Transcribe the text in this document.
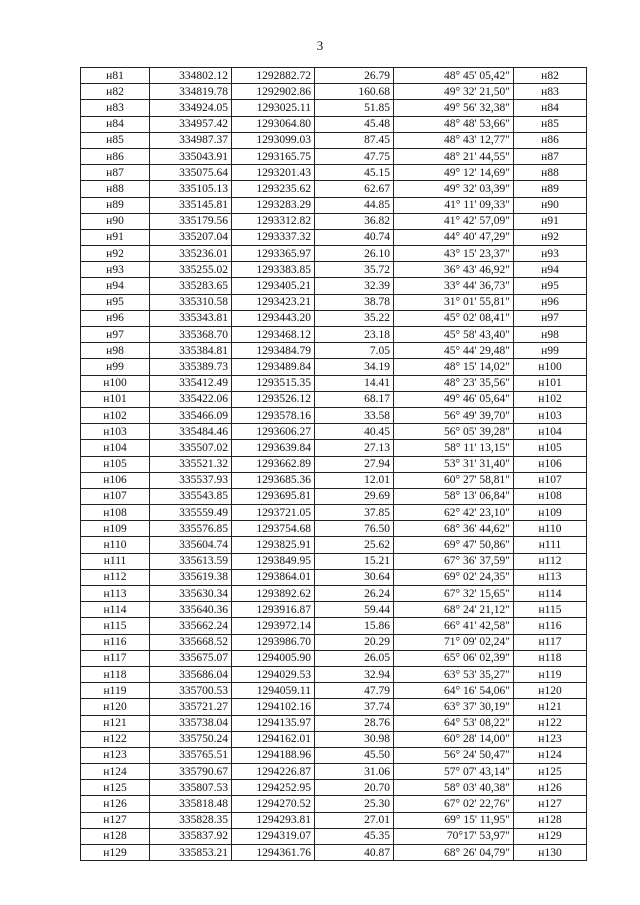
3
н81	334802.12	1292882.72	26.79	48° 45' 05,42"	н82
н82	334819.78	1292902.86	160.68	49° 32' 21,50"	н83
н83	334924.05	1293025.11	51.85	49° 56' 32,38"	н84
н84	334957.42	1293064.80	45.48	48° 48' 53,66"	н85
н85	334987.37	1293099.03	87.45	48° 43' 12,77"	н86
н86	335043.91	1293165.75	47.75	48° 21' 44,55"	н87
н87	335075.64	1293201.43	45.15	49° 12' 14,69"	н88
н88	335105.13	1293235.62	62.67	49° 32' 03,39"	н89
н89	335145.81	1293283.29	44.85	41° 11' 09,33"	н90
н90	335179.56	1293312.82	36.82	41° 42' 57,09"	н91
н91	335207.04	1293337.32	40.74	44° 40' 47,29"	н92
н92	335236.01	1293365.97	26.10	43° 15' 23,37"	н93
н93	335255.02	1293383.85	35.72	36° 43' 46,92"	н94
н94	335283.65	1293405.21	32.39	33° 44' 36,73"	н95
н95	335310.58	1293423.21	38.78	31° 01' 55,81"	н96
н96	335343.81	1293443.20	35.22	45° 02' 08,41"	н97
н97	335368.70	1293468.12	23.18	45° 58' 43,40"	н98
н98	335384.81	1293484.79	7.05	45° 44' 29,48"	н99
н99	335389.73	1293489.84	34.19	48° 15' 14,02"	н100
н100	335412.49	1293515.35	14.41	48° 23' 35,56"	н101
н101	335422.06	1293526.12	68.17	49° 46' 05,64"	н102
н102	335466.09	1293578.16	33.58	56° 49' 39,70"	н103
н103	335484.46	1293606.27	40.45	56° 05' 39,28"	н104
н104	335507.02	1293639.84	27.13	58° 11' 13,15"	н105
н105	335521.32	1293662.89	27.94	53° 31' 31,40"	н106
н106	335537.93	1293685.36	12.01	60° 27' 58,81"	н107
н107	335543.85	1293695.81	29.69	58° 13' 06,84"	н108
н108	335559.49	1293721.05	37.85	62° 42' 23,10"	н109
н109	335576.85	1293754.68	76.50	68° 36' 44,62"	н110
н110	335604.74	1293825.91	25.62	69° 47' 50,86"	н111
н111	335613.59	1293849.95	15.21	67° 36' 37,59"	н112
н112	335619.38	1293864.01	30.64	69° 02' 24,35"	н113
н113	335630.34	1293892.62	26.24	67° 32' 15,65"	н114
н114	335640.36	1293916.87	59.44	68° 24' 21,12"	н115
н115	335662.24	1293972.14	15.86	66° 41' 42,58"	н116
н116	335668.52	1293986.70	20.29	71° 09' 02,24"	н117
н117	335675.07	1294005.90	26.05	65° 06' 02,39"	н118
н118	335686.04	1294029.53	32.94	63° 53' 35,27"	н119
н119	335700.53	1294059.11	47.79	64° 16' 54,06"	н120
н120	335721.27	1294102.16	37.74	63° 37' 30,19"	н121
н121	335738.04	1294135.97	28.76	64° 53' 08,22"	н122
н122	335750.24	1294162.01	30.98	60° 28' 14,00"	н123
н123	335765.51	1294188.96	45.50	56° 24' 50,47"	н124
н124	335790.67	1294226.87	31.06	57° 07' 43,14"	н125
н125	335807.53	1294252.95	20.70	58° 03' 40,38"	н126
н126	335818.48	1294270.52	25.30	67° 02' 22,76"	н127
н127	335828.35	1294293.81	27.01	69° 15' 11,95"	н128
н128	335837.92	1294319.07	45.35	70°17' 53,97"	н129
н129	335853.21	1294361.76	40.87	68° 26' 04,79"	н130
